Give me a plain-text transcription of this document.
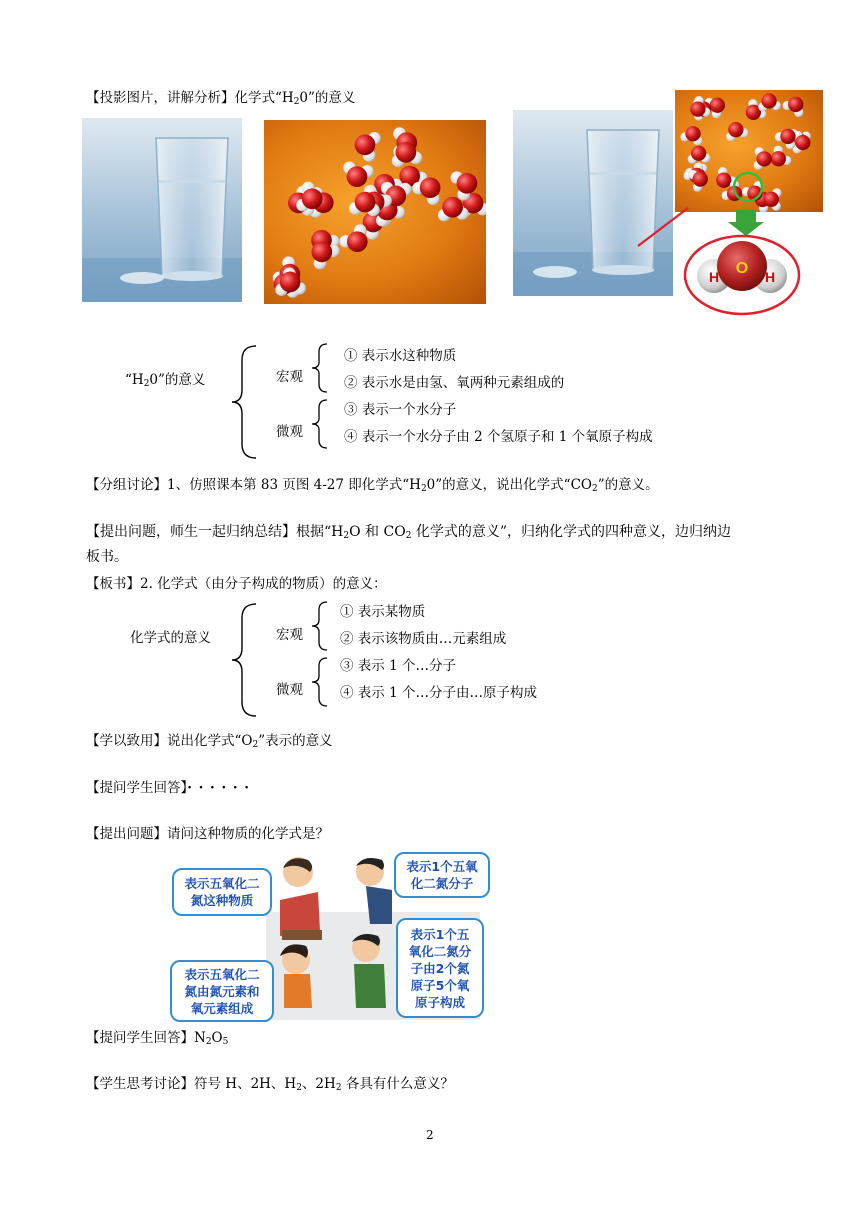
【投影图片，讲解分析】化学式“$H_20$”的意义
O
H	H
“$H_20$”的意义	宏观
微观
① 表示水这种物质
② 表示水是由氢、氧两种元素组成的
③ 表示一个水分子
④ 表示一个水分子由 2 个氢原子和 1 个氧原子构成
【分组讨论】1、仿照课本第 83 页图 4-27 即化学式“$H_20$”的意义，说出化学式“$CO_2$”的意义。
【提出问题，师生一起归纳总结】根据“$H_2O$ 和 $CO_2$ 化学式的意义”，归纳化学式的四种意义，边归纳边
板书。
【板书】2. 化学式（由分子构成的物质）的意义：
化学式的意义	宏观
微观
① 表示某物质
② 表示该物质由…元素组成
③ 表示 1 个…分子
④ 表示 1 个…分子由…原子构成
【学以致用】说出化学式“$O_2$”表示的意义
【提问学生回答】· · · · · ·
【提出问题】请问这种物质的化学式是？
表示五氧化二
氮这种物质
表示1个五氧
化二氮分子
表示五氧化二
氮由氮元素和
氧元素组成
表示1个五
氧化二氮分
子由2个氮
原子5个氧
原子构成
【提问学生回答】$N_2O_5$
【学生思考讨论】符号 H、2H、$H_2$、$2H_2$ 各具有什么意义？
2
